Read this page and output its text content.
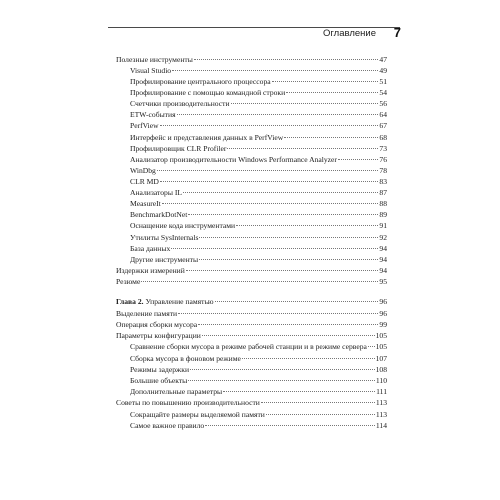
Оглавление 7
Полезные инструменты	47
Visual Studio	49
Профилирование центрального процессора	51
Профилирование с помощью командной строки	54
Счетчики производительности	56
ETW-события	64
PerfView	67
Интерфейс и представления данных в PerfView	68
Профилировщик CLR Profiler	73
Анализатор производительности Windows Performance Analyzer	76
WinDbg	78
CLR MD	83
Анализаторы IL	87
MeasureIt	88
BenchmarkDotNet	89
Оснащение кода инструментами	91
Утилиты SysInternals	92
База данных	94
Другие инструменты	94
Издержки измерений	94
Резюме	95
Глава 2. Управление памятью	96
Выделение памяти	96
Операция сборки мусора	99
Параметры конфигурации	105
Сравнение сборки мусора в режиме рабочей станции и в режиме сервера 105
Сборка мусора в фоновом режиме	107
Режимы задержки	108
Большие объекты	110
Дополнительные параметры	111
Советы по повышению производительности	113
Сокращайте размеры выделяемой памяти	113
Самое важное правило	114
